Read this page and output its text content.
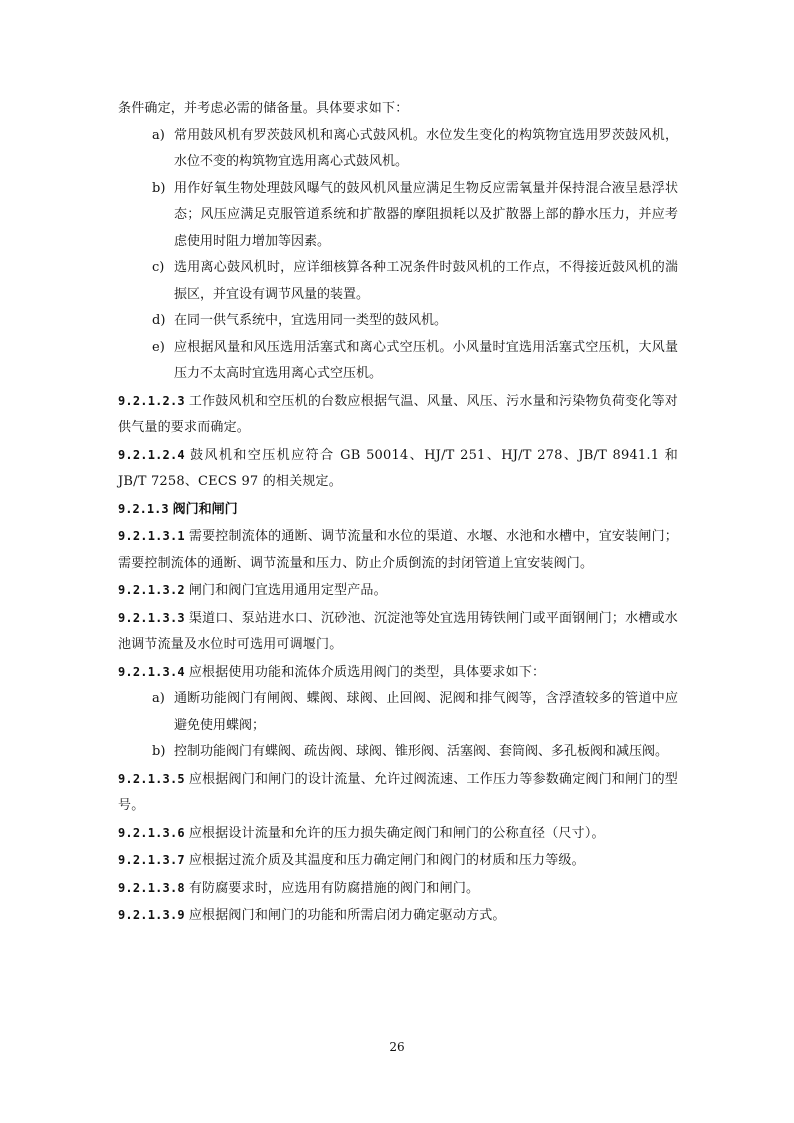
条件确定，并考虑必需的储备量。具体要求如下：

a) 常用鼓风机有罗茨鼓风机和离心式鼓风机。水位发生变化的构筑物宜选用罗茨鼓风机，水位不变的构筑物宜选用离心式鼓风机。
b) 用作好氧生物处理鼓风曝气的鼓风机风量应满足生物反应需氧量并保持混合液呈悬浮状态；风压应满足克服管道系统和扩散器的摩阻损耗以及扩散器上部的静水压力，并应考虑使用时阻力增加等因素。
c) 选用离心鼓风机时，应详细核算各种工况条件时鼓风机的工作点，不得接近鼓风机的湍振区，并宜设有调节风量的装置。
d) 在同一供气系统中，宜选用同一类型的鼓风机。
e) 应根据风量和风压选用活塞式和离心式空压机。小风量时宜选用活塞式空压机，大风量压力不太高时宜选用离心式空压机。

9.2.1.2.3 工作鼓风机和空压机的台数应根据气温、风量、风压、污水量和污染物负荷变化等对供气量的要求而确定。

9.2.1.2.4 鼓风机和空压机应符合 GB 50014、HJ/T 251、HJ/T 278、JB/T 8941.1 和 JB/T 7258、CECS 97 的相关规定。

9.2.1.3 阀门和闸门

9.2.1.3.1 需要控制流体的通断、调节流量和水位的渠道、水堰、水池和水槽中，宜安装闸门；需要控制流体的通断、调节流量和压力、防止介质倒流的封闭管道上宜安装阀门。

9.2.1.3.2 闸门和阀门宜选用通用定型产品。

9.2.1.3.3 渠道口、泵站进水口、沉砂池、沉淀池等处宜选用铸铁闸门或平面钢闸门；水槽或水池调节流量及水位时可选用可调堰门。

9.2.1.3.4 应根据使用功能和流体介质选用阀门的类型，具体要求如下：

a) 通断功能阀门有闸阀、蝶阀、球阀、止回阀、泥阀和排气阀等，含浮渣较多的管道中应避免使用蝶阀；
b) 控制功能阀门有蝶阀、疏齿阀、球阀、锥形阀、活塞阀、套筒阀、多孔板阀和减压阀。

9.2.1.3.5 应根据阀门和闸门的设计流量、允许过阀流速、工作压力等参数确定阀门和闸门的型号。

9.2.1.3.6 应根据设计流量和允许的压力损失确定阀门和闸门的公称直径（尺寸）。

9.2.1.3.7 应根据过流介质及其温度和压力确定闸门和阀门的材质和压力等级。

9.2.1.3.8 有防腐要求时，应选用有防腐措施的阀门和闸门。

9.2.1.3.9 应根据阀门和闸门的功能和所需启闭力确定驱动方式。

26
